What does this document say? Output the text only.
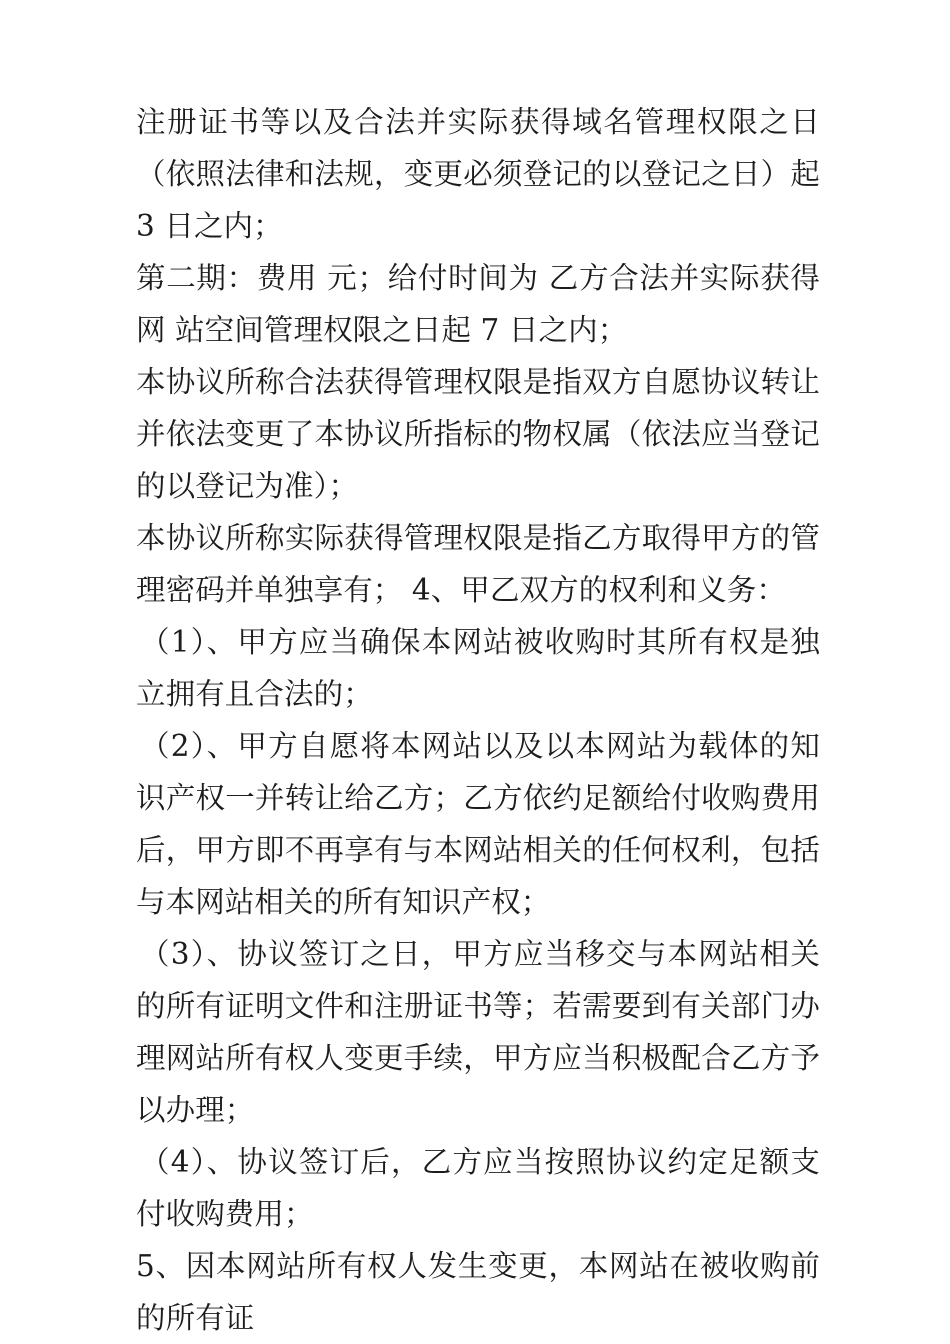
注册证书等以及合法并实际获得域名管理权限之日（依照法律和法规，变更必须登记的以登记之日）起 3 日之内；

第二期：费用 元；给付时间为 乙方合法并实际获得网 站空间管理权限之日起 7 日之内；

本协议所称合法获得管理权限是指双方自愿协议转让并依法变更了本协议所指标的物权属（依法应当登记的以登记为准）；

本协议所称实际获得管理权限是指乙方取得甲方的管理密码并单独享有； 4、甲乙双方的权利和义务：

（1）、甲方应当确保本网站被收购时其所有权是独立拥有且合法的；

（2）、甲方自愿将本网站以及以本网站为载体的知识产权一并转让给乙方；乙方依约足额给付收购费用后，甲方即不再享有与本网站相关的任何权利，包括与本网站相关的所有知识产权；

（3）、协议签订之日，甲方应当移交与本网站相关的所有证明文件和注册证书等；若需要到有关部门办理网站所有权人变更手续，甲方应当积极配合乙方予以办理；

（4）、协议签订后，乙方应当按照协议约定足额支付收购费用；

5、因本网站所有权人发生变更，本网站在被收购前的所有证
